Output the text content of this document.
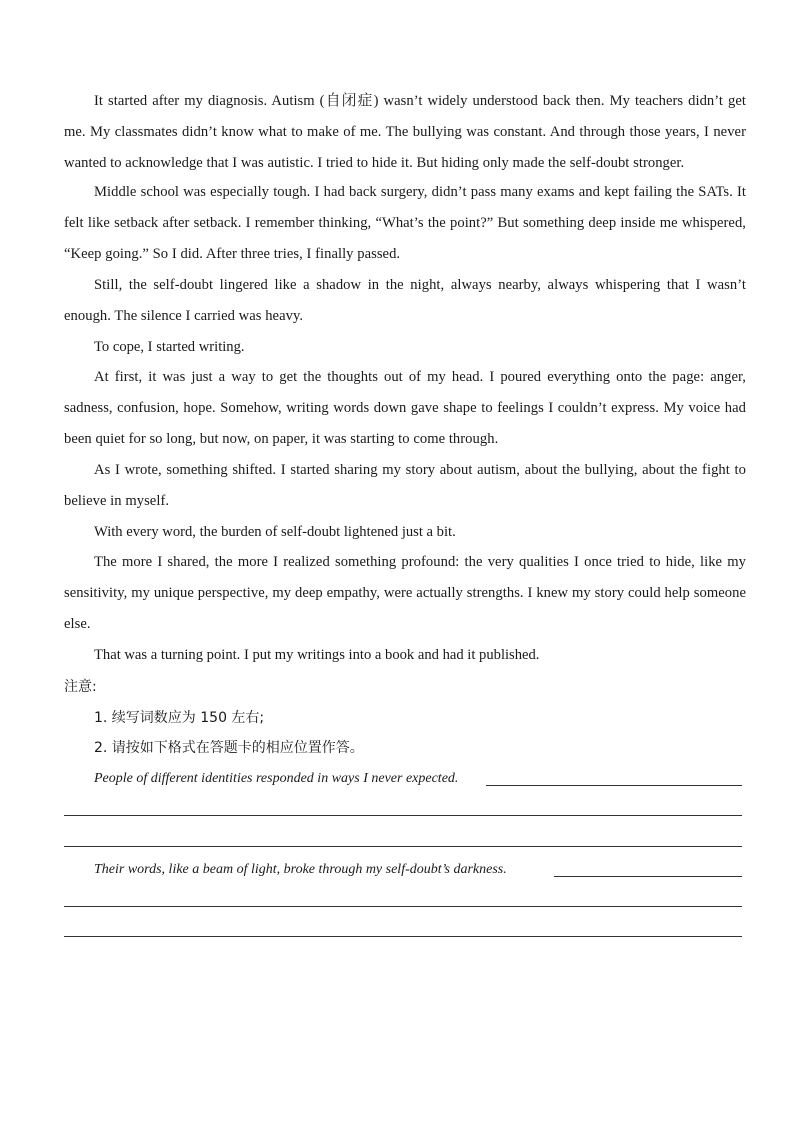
It started after my diagnosis. Autism (自闭症) wasn’t widely understood back then. My teachers didn’t get me. My classmates didn’t know what to make of me. The bullying was constant. And through those years, I never wanted to acknowledge that I was autistic. I tried to hide it. But hiding only made the self-doubt stronger.

Middle school was especially tough. I had back surgery, didn’t pass many exams and kept failing the SATs. It felt like setback after setback. I remember thinking, “What’s the point?” But something deep inside me whispered, “Keep going.” So I did. After three tries, I finally passed.

Still, the self-doubt lingered like a shadow in the night, always nearby, always whispering that I wasn’t enough. The silence I carried was heavy.

To cope, I started writing.

At first, it was just a way to get the thoughts out of my head. I poured everything onto the page: anger, sadness, confusion, hope. Somehow, writing words down gave shape to feelings I couldn’t express. My voice had been quiet for so long, but now, on paper, it was starting to come through.

As I wrote, something shifted. I started sharing my story about autism, about the bullying, about the fight to believe in myself.

With every word, the burden of self-doubt lightened just a bit.

The more I shared, the more I realized something profound: the very qualities I once tried to hide, like my sensitivity, my unique perspective, my deep empathy, were actually strengths. I knew my story could help someone else.

That was a turning point. I put my writings into a book and had it published.

注意:

1. 续写词数应为 150 左右;

2. 请按如下格式在答题卡的相应位置作答。

People of different identities responded in ways I never expected.

Their words, like a beam of light, broke through my self-doubt’s darkness.
